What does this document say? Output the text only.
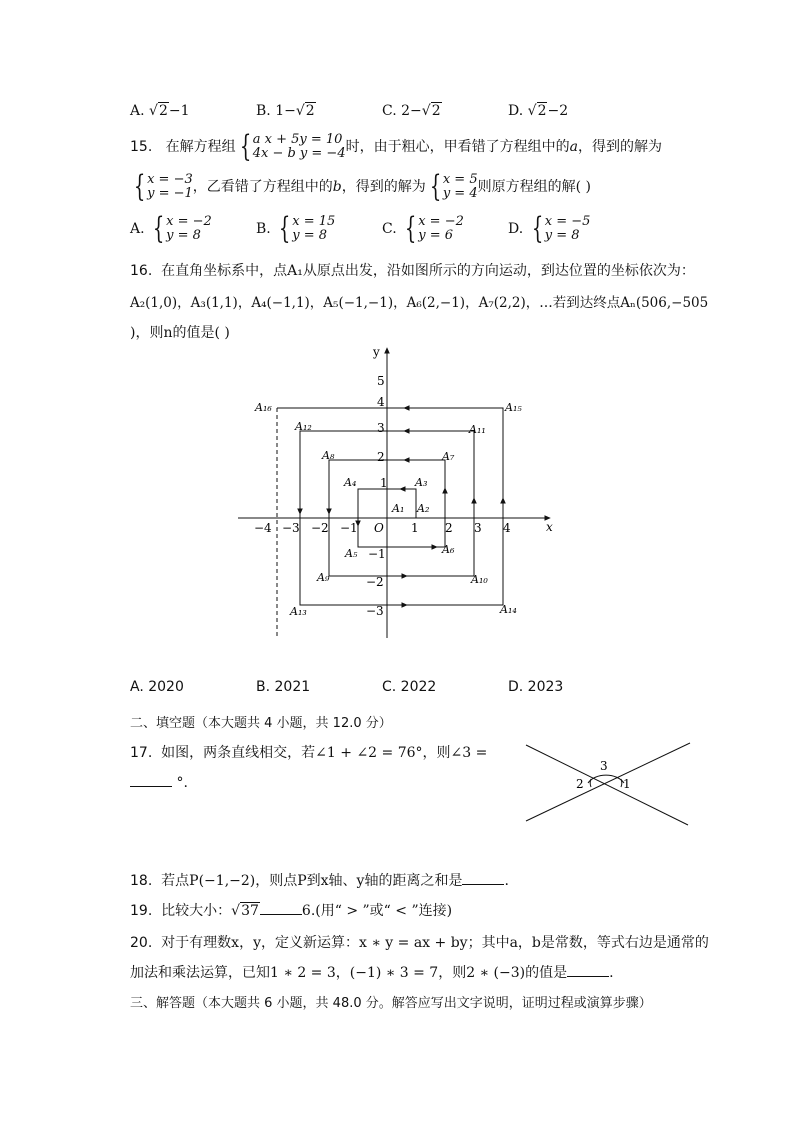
A. √2−1	B. 1−√2	C. 2−√2	D. √2−2
15. 在解方程组 { a x + 5y = 10
4x − b y = −4时，由于粗心，甲看错了方程组中的a，得到的解为
{ x = −3
y = −1，乙看错了方程组中的b，得到的解为 { x = 5
y = 4则原方程组的解( )
A. { x = −2
y = 8	B. { x = 15
y = 8	C. { x = −2
y = 6	D. { x = −5
y = 8
16. 在直角坐标系中，点A₁从原点出发，沿如图所示的方向运动，到达位置的坐标依次为：
A₂(1,0)，A₃(1,1)，A₄(−1,1)，A₅(−1,−1)，A₆(2,−1)，A₇(2,2)，…若到达终点Aₙ(506,−505
)，则n的值是( )
x
y
O
−4 −3 −2 −1	1 2 3 4
5
4
3
2
1
−1
−2
−3
A₁ A₂
A₃
A₄
A₅	A₆
A₇
A₈
A₉	A₁₀
A₁₁
A₁₂
A₁₃	A₁₄
A₁₅
A₁₆
A. 2020	B. 2021	C. 2022	D. 2023
二、填空题（本大题共 4 小题，共 12.0 分）
17. 如图，两条直线相交，若∠1 + ∠2 = 76°，则∠3 =
°.
3
2	1
18. 若点P(−1,−2)，则点P到x轴、y轴的距离之和是	.
19. 比较大小：√37	6.(用“ > ”或“ < ”连接)
20. 对于有理数x，y，定义新运算：x ∗ y = ax + by；其中a，b是常数，等式右边是通常的
加法和乘法运算，已知1 ∗ 2 = 3，(−1) ∗ 3 = 7，则2 ∗ (−3)的值是	.
三、解答题（本大题共 6 小题，共 48.0 分。解答应写出文字说明，证明过程或演算步骤）
